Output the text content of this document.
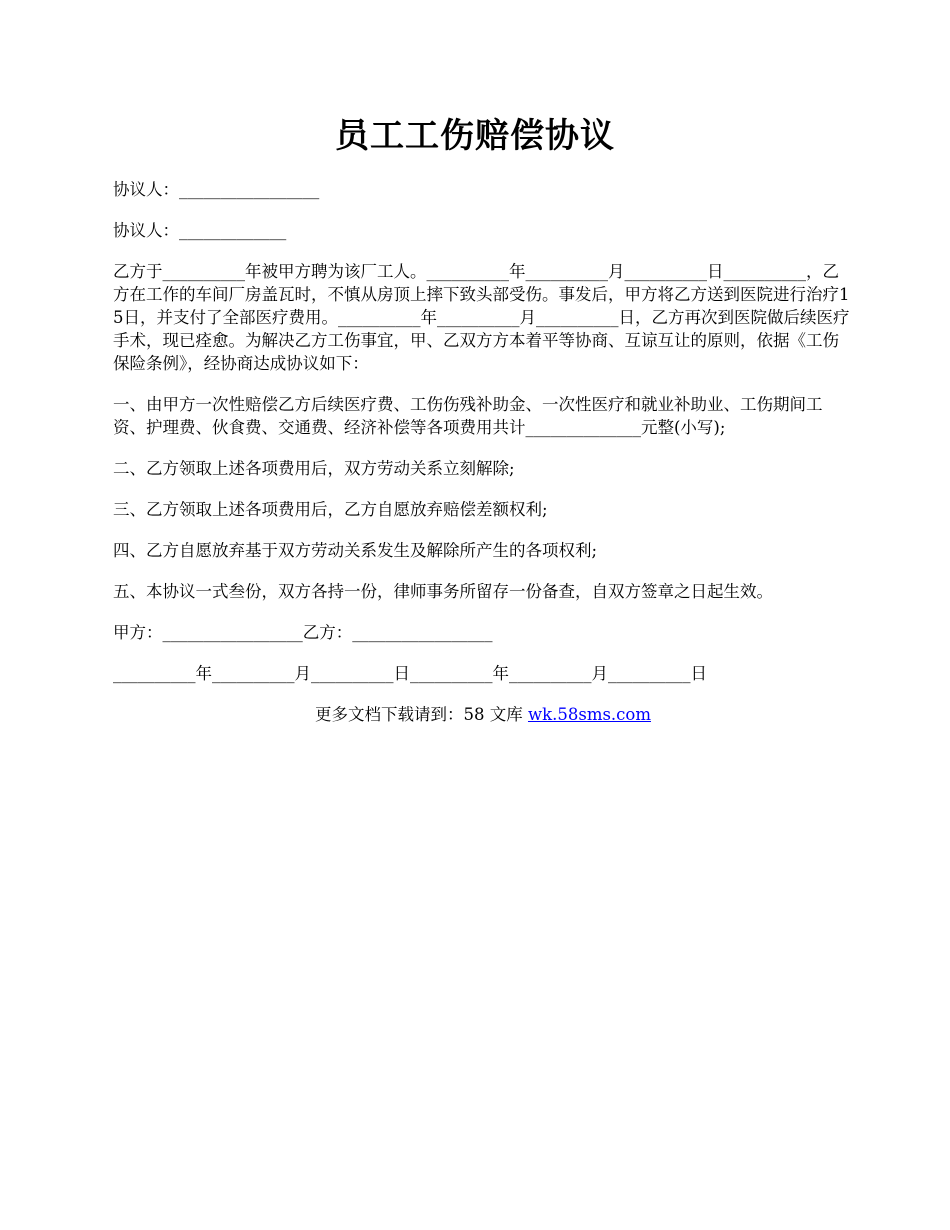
员工工伤赔偿协议

协议人：_________________

协议人：_____________

乙方于__________年被甲方聘为该厂工人。__________年__________月__________日__________，乙方在工作的车间厂房盖瓦时，不慎从房顶上摔下致头部受伤。事发后，甲方将乙方送到医院进行治疗15日，并支付了全部医疗费用。__________年__________月__________日，乙方再次到医院做后续医疗手术，现已痊愈。为解决乙方工伤事宜，甲、乙双方方本着平等协商、互谅互让的原则，依据《工伤保险条例》，经协商达成协议如下：

一、由甲方一次性赔偿乙方后续医疗费、工伤伤残补助金、一次性医疗和就业补助业、工伤期间工资、护理费、伙食费、交通费、经济补偿等各项费用共计______________元整(小写);

二、乙方领取上述各项费用后，双方劳动关系立刻解除;

三、乙方领取上述各项费用后，乙方自愿放弃赔偿差额权利;

四、乙方自愿放弃基于双方劳动关系发生及解除所产生的各项权利;

五、本协议一式叁份，双方各持一份，律师事务所留存一份备查，自双方签章之日起生效。

甲方：_________________乙方：_________________

__________年__________月__________日__________年__________月__________日

更多文档下载请到：58 文库 wk.58sms.com
